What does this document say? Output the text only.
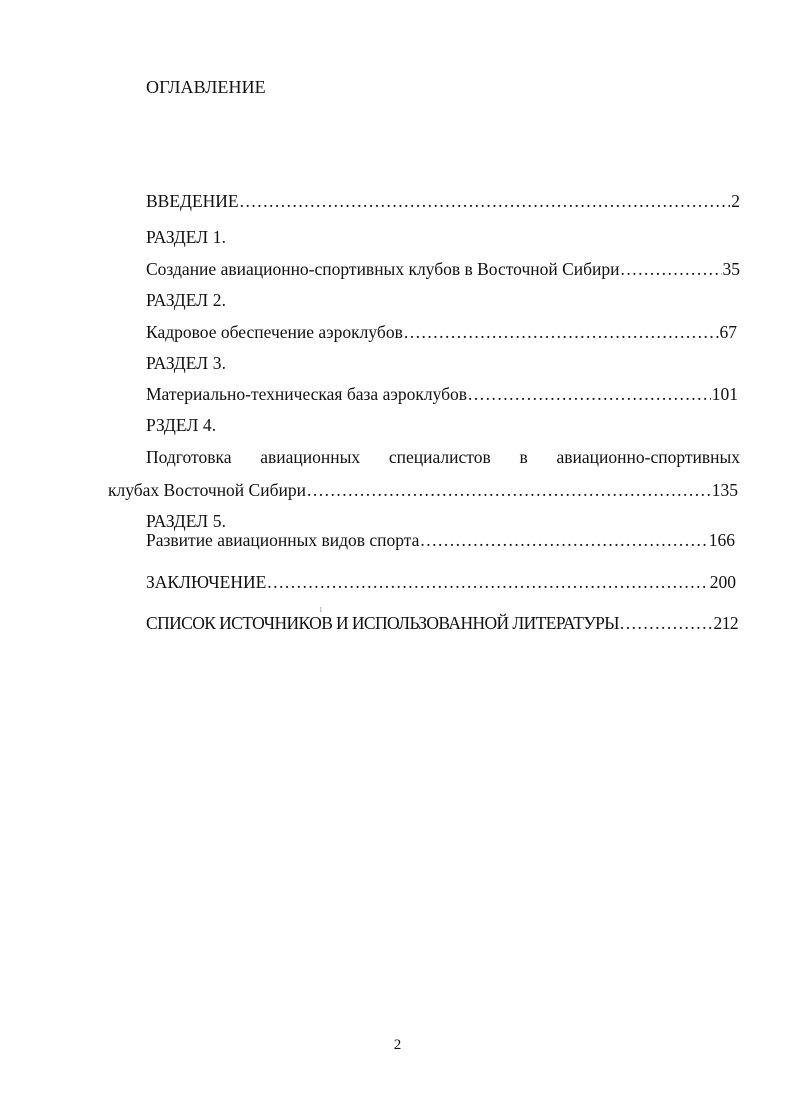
ОГЛАВЛЕНИЕ
ВВЕДЕНИЕ .....	2
РАЗДЕЛ 1.
Создание авиационно-спортивных клубов в Восточной Сибири .....	35
РАЗДЕЛ 2.
Кадровое обеспечение аэроклубов .....	67
РАЗДЕЛ 3.
Материально-техническая база аэроклубов .....	101
РЗДЕЛ 4.
Подготовка авиационных специалистов в авиационно-спортивных
клубах Восточной Сибири .....	135
РАЗДЕЛ 5.
Развитие авиационных видов спорта .....	166
ЗАКЛЮЧЕНИЕ .....	200
1
СПИСОК ИСТОЧНИКОВ И ИСПОЛЬЗОВАННОЙ ЛИТЕРАТУРЫ .....	212
2
